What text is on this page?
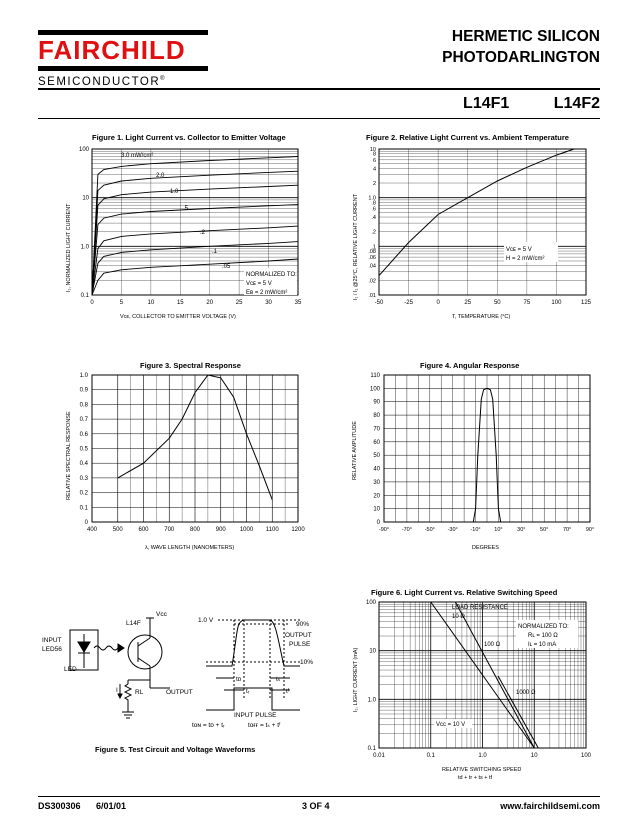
FAIRCHILD
SEMICONDUCTOR®
HERMETIC SILICON
PHOTODARLINGTON
L14F1	L14F2
Figure 1. Light Current vs. Collector to Emitter Voltage	Figure 2. Relative Light Current vs. Ambient Temperature
Figure 3. Spectral Response	Figure 4. Angular Response
Figure 5. Test Circuit and Voltage Waveforms
Figure 6. Light Current vs. Relative Switching Speed
100
10
1.0
0.1
0	5	10	15	20	25	30	35
10
8
6
4
2
1.0
.8
.6
.4
.2
.1
.08
.06
.04
.02
.01
-50	-25	0	25	50	75	100	125
1.0
0.9
0.8
0.7
0.6
0.5
0.4
0.3
0.2
0.1
0
400	500	600	700	800	900 1000 1100 1200
110
100
90
80
70
60
50
40
30
20
10
0
-90° -70° -50° -30° -10° 10°	30°	50°	70°	90°
100
10
1.0
0.1
0.01	0.1	1.0	10	100
I₁, NORMALIZED LIGHT CURRENT
Vᴄᴇ, COLLECTOR TO EMITTER VOLTAGE (V)
3.0 mW/cm²
2.0
1.0
.5
.2
.1
.05
NORMALIZED TO:
Vᴄᴇ = 5 V
Eʙ = 2 mW/cm²	I₁ / I₁ @25°C, RELATIVE LIGHT CURRENT
T, TEMPERATURE (°C)
Vᴄᴇ = 5 V
H = 2 mW/cm²
RELATIVE SPECTRAL RESPONSE
λ, WAVE LENGTH (NANOMETERS)
RELATIVE AMPLITUDE
DEGREES
I₁, LIGHT CURRENT (mA)
RELATIVE SWITCHING SPEED
td + tr + ts + tf
LOAD RESISTANCE
10 Ω
100 Ω
1000 Ω
Vᴄᴄ = 10 V
NORMALIZED TO:
Rʟ = 100 Ω
Iʟ = 10 mA
L14F
Vᴄᴄ
INPUT
LED56
LED
I	RL	OUTPUT
1.0 V
90%
OUTPUT
PULSE
10%
tᴅ
tᵣ
tₛ
tᶠ
INPUT PULSE
tᴏɴ = tᴅ + tᵣ	tᴏғғ = tₛ + tᶠ
DS300306 6/01/01	3 OF 4	www.fairchildsemi.com
